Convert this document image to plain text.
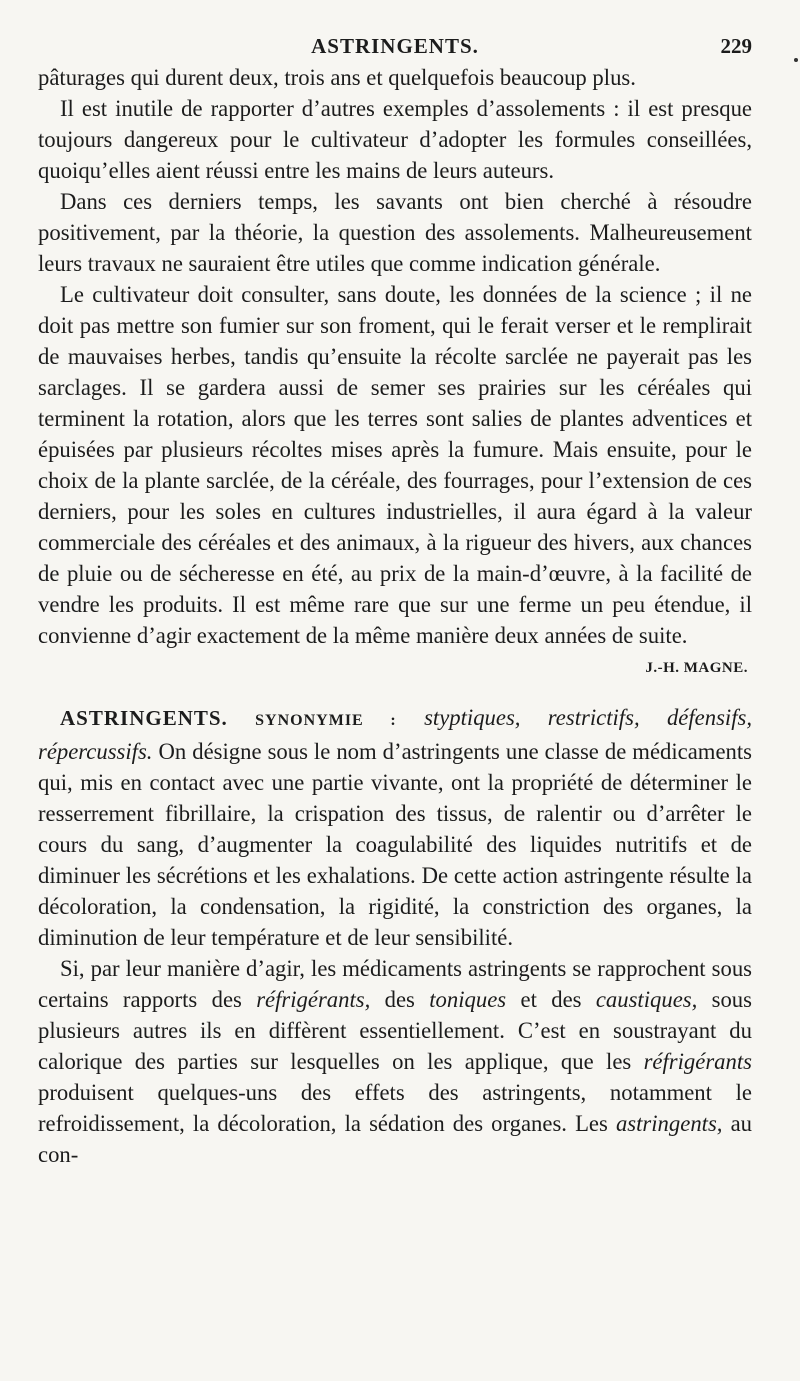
ASTRINGENTS.	229

pâturages qui durent deux, trois ans et quelquefois beaucoup plus.

Il est inutile de rapporter d’autres exemples d’assolements : il est presque toujours dangereux pour le cultivateur d’adopter les formules conseillées, quoiqu’elles aient réussi entre les mains de leurs auteurs.

Dans ces derniers temps, les savants ont bien cherché à résoudre positivement, par la théorie, la question des assolements. Malheureusement leurs travaux ne sauraient être utiles que comme indication générale.

Le cultivateur doit consulter, sans doute, les données de la science ; il ne doit pas mettre son fumier sur son froment, qui le ferait verser et le remplirait de mauvaises herbes, tandis qu’ensuite la récolte sarclée ne payerait pas les sarclages. Il se gardera aussi de semer ses prairies sur les céréales qui terminent la rotation, alors que les terres sont salies de plantes adventices et épuisées par plusieurs récoltes mises après la fumure. Mais ensuite, pour le choix de la plante sarclée, de la céréale, des fourrages, pour l’extension de ces derniers, pour les soles en cultures industrielles, il aura égard à la valeur commerciale des céréales et des animaux, à la rigueur des hivers, aux chances de pluie ou de sécheresse en été, au prix de la main-d’œuvre, à la facilité de vendre les produits. Il est même rare que sur une ferme un peu étendue, il convienne d’agir exactement de la même manière deux années de suite.

J.-H. MAGNE.

ASTRINGENTS. SYNONYMIE : styptiques, restrictifs, défensifs, répercussifs. On désigne sous le nom d’astringents une classe de médicaments qui, mis en contact avec une partie vivante, ont la propriété de déterminer le resserrement fibrillaire, la crispation des tissus, de ralentir ou d’arrêter le cours du sang, d’augmenter la coagulabilité des liquides nutritifs et de diminuer les sécrétions et les exhalations. De cette action astringente résulte la décoloration, la condensation, la rigidité, la constriction des organes, la diminution de leur température et de leur sensibilité.

Si, par leur manière d’agir, les médicaments astringents se rapprochent sous certains rapports des réfrigérants, des toniques et des caustiques, sous plusieurs autres ils en diffèrent essentiellement. C’est en soustrayant du calorique des parties sur lesquelles on les applique, que les réfrigérants produisent quelques-uns des effets des astringents, notamment le refroidissement, la décoloration, la sédation des organes. Les astringents, au con-
